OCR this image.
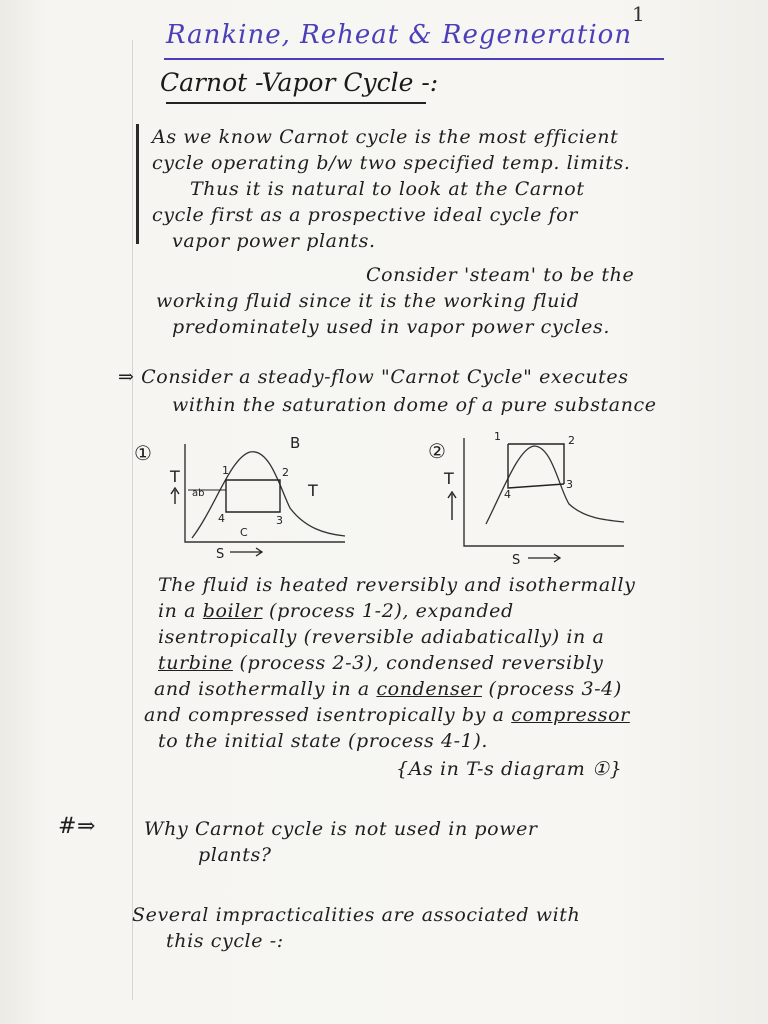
1
Rankine, Reheat & Regeneration
Carnot -Vapor Cycle -:
As we know Carnot cycle is the most efficient
cycle operating b/w two specified temp. limits.
Thus it is natural to look at the Carnot
cycle first as a prospective ideal cycle for
vapor power plants.
Consider 'steam' to be the
working fluid since it is the working fluid
predominately used in vapor power cycles.
⇒ Consider a steady-flow "Carnot Cycle" executes
within the saturation dome of a pure substance
①
T	1	2
3
4
B
T
C
ab
S
②
T
1	2
3
4
S
The fluid is heated reversibly and isothermally
in a boiler (process 1-2), expanded
isentropically (reversible adiabatically) in a
turbine (process 2-3), condensed reversibly
and isothermally in a condenser (process 3-4)
and compressed isentropically by a compressor
to the initial state (process 4-1).
{As in T-s diagram ①}
#⇒	Why Carnot cycle is not used in power
plants?
Several impracticalities are associated with
this cycle -:
